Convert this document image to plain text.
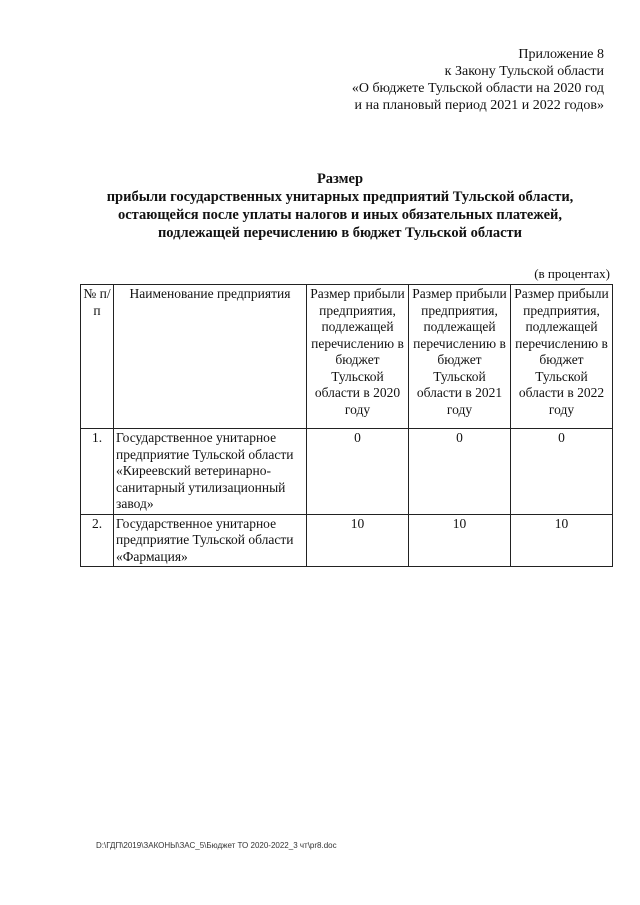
Приложение 8
к Закону Тульской области
«О бюджете Тульской области на 2020 год
и на плановый период 2021 и 2022 годов»
Размер
прибыли государственных унитарных предприятий Тульской области,
остающейся после уплаты налогов и иных обязательных платежей,
подлежащей перечислению в бюджет Тульской области
(в процентах)
№ п/п	Наименование предприятия	Размер прибыли предприятия, подлежащей перечислению в бюджет Тульской области в 2020 году	Размер прибыли предприятия, подлежащей перечислению в бюджет Тульской области в 2021 году	Размер прибыли предприятия, подлежащей перечислению в бюджет Тульской области в 2022 году
1.	Государственное унитарное предприятие Тульской области «Киреевский ветеринарно-санитарный утилизационный завод»	0	0	0
2.	Государственное унитарное предприятие Тульской области «Фармация»	10	10	10
D:\ГДП\2019\ЗАКОНЫ\ЗАС_5\Бюджет ТО 2020-2022_3 чт\pr8.doc
